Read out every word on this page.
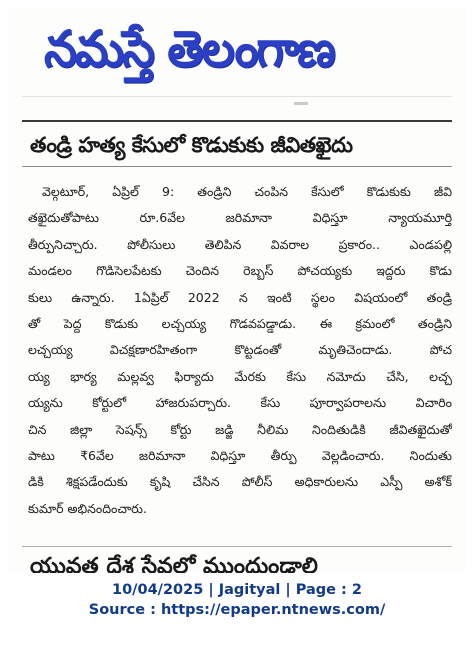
నమస్తే తెలంగాణ
తండ్రి హత్య కేసులో కొడుకుకు జీవితఖైదు
వెల్గటూర్, ఏప్రిల్ 9: తండ్రిని చంపిన కేసులో కొడుకుకు జీవి
తఖైదుతోపాటు రూ.6వేల జరిమానా విధిస్తూ న్యాయమూర్తి
తీర్పునిచ్చారు. పోలీసులు తెలిపిన వివరాల ప్రకారం.. ఎండపల్లి
మండలం గొడిసెలపేటకు చెందిన రెబ్బస్ పోచయ్యకు ఇద్దరు కొడు
కులు ఉన్నారు. 1ఏప్రిల్ 2022 న ఇంటి స్థలం విషయంలో తండ్రి
తో పెద్ద కొడుకు లచ్చయ్య గొడవపడ్డాడు. ఈ క్రమంలో తండ్రిని
లచ్చయ్య విచక్షణారహితంగా కొట్టడంతో మృతిచెందాడు. పోచ
య్య భార్య మల్లవ్వ ఫిర్యాదు మేరకు కేసు నమోదు చేసి, లచ్చ
య్యను కోర్టులో హాజరుపర్చారు. కేసు పూర్వాపరాలను విచారిం
చిన జిల్లా సెషన్స్ కోర్టు జడ్జి నీలిమ నిందితుడికి జీవితఖైదుతో
పాటు ₹6వేల జరిమానా విధిస్తూ తీర్పు వెల్లడించారు. నిందుతు
డికి శిక్షపడేందుకు కృషి చేసిన పోలీస్ అధికారులను ఎస్పీ అశోక్
కుమార్ అభినందించారు.
యువత దేశ సేవలో ముందుండాలి
10/04/2025 | Jagityal | Page : 2
Source : https://epaper.ntnews.com/
